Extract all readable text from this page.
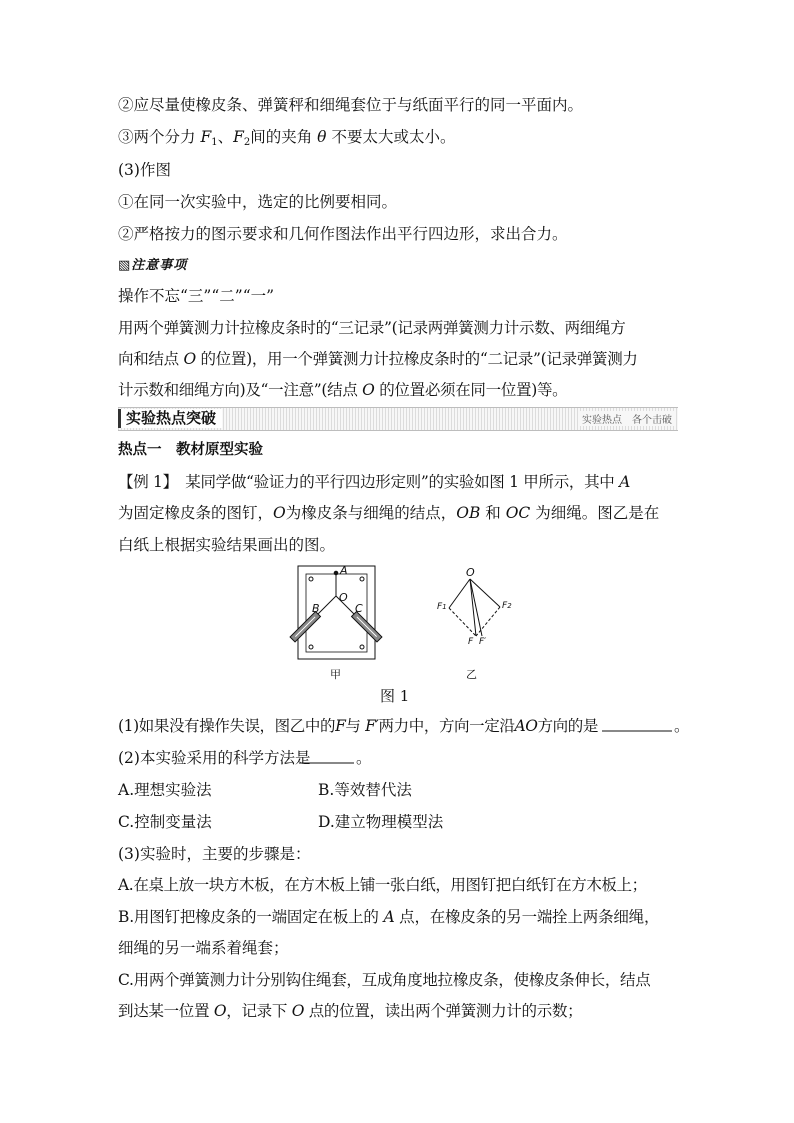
②应尽量使橡皮条、弹簧秤和细绳套位于与纸面平行的同一平面内。
③两个分力 $F_1$、$F_2$间的夹角 θ 不要太大或太小。
(3)作图
①在同一次实验中，选定的比例要相同。
②严格按力的图示要求和几何作图法作出平行四边形，求出合力。
▧注意事项
操作不忘“三”“二”“一”
用两个弹簧测力计拉橡皮条时的“三记录”(记录两弹簧测力计示数、两细绳方
向和结点 O 的位置)，用一个弹簧测力计拉橡皮条时的“二记录”(记录弹簧测力
计示数和细绳方向)及“一注意”(结点 O 的位置必须在同一位置)等。
实验热点突破	实验热点　各个击破
热点一　教材原型实验
【例 1】　某同学做“验证力的平行四边形定则”的实验如图 1 甲所示，其中 A
为固定橡皮条的图钉，O为橡皮条与细绳的结点，OB 和 OC 为细绳。图乙是在
白纸上根据实验结果画出的图。
A
O
B	C
O
F1	F2
F F′
甲	乙
图 1
(1)如果没有操作失误，图乙中的F与 F′两力中，方向一定沿AO方向的是	。
(2)本实验采用的科学方法是	。
A.理想实验法	B.等效替代法
C.控制变量法	D.建立物理模型法
(3)实验时，主要的步骤是：
A.在桌上放一块方木板，在方木板上铺一张白纸，用图钉把白纸钉在方木板上；
B.用图钉把橡皮条的一端固定在板上的 A 点，在橡皮条的另一端拴上两条细绳，
细绳的另一端系着绳套；
C.用两个弹簧测力计分别钩住绳套，互成角度地拉橡皮条，使橡皮条伸长，结点
到达某一位置 O，记录下 O 点的位置，读出两个弹簧测力计的示数；
